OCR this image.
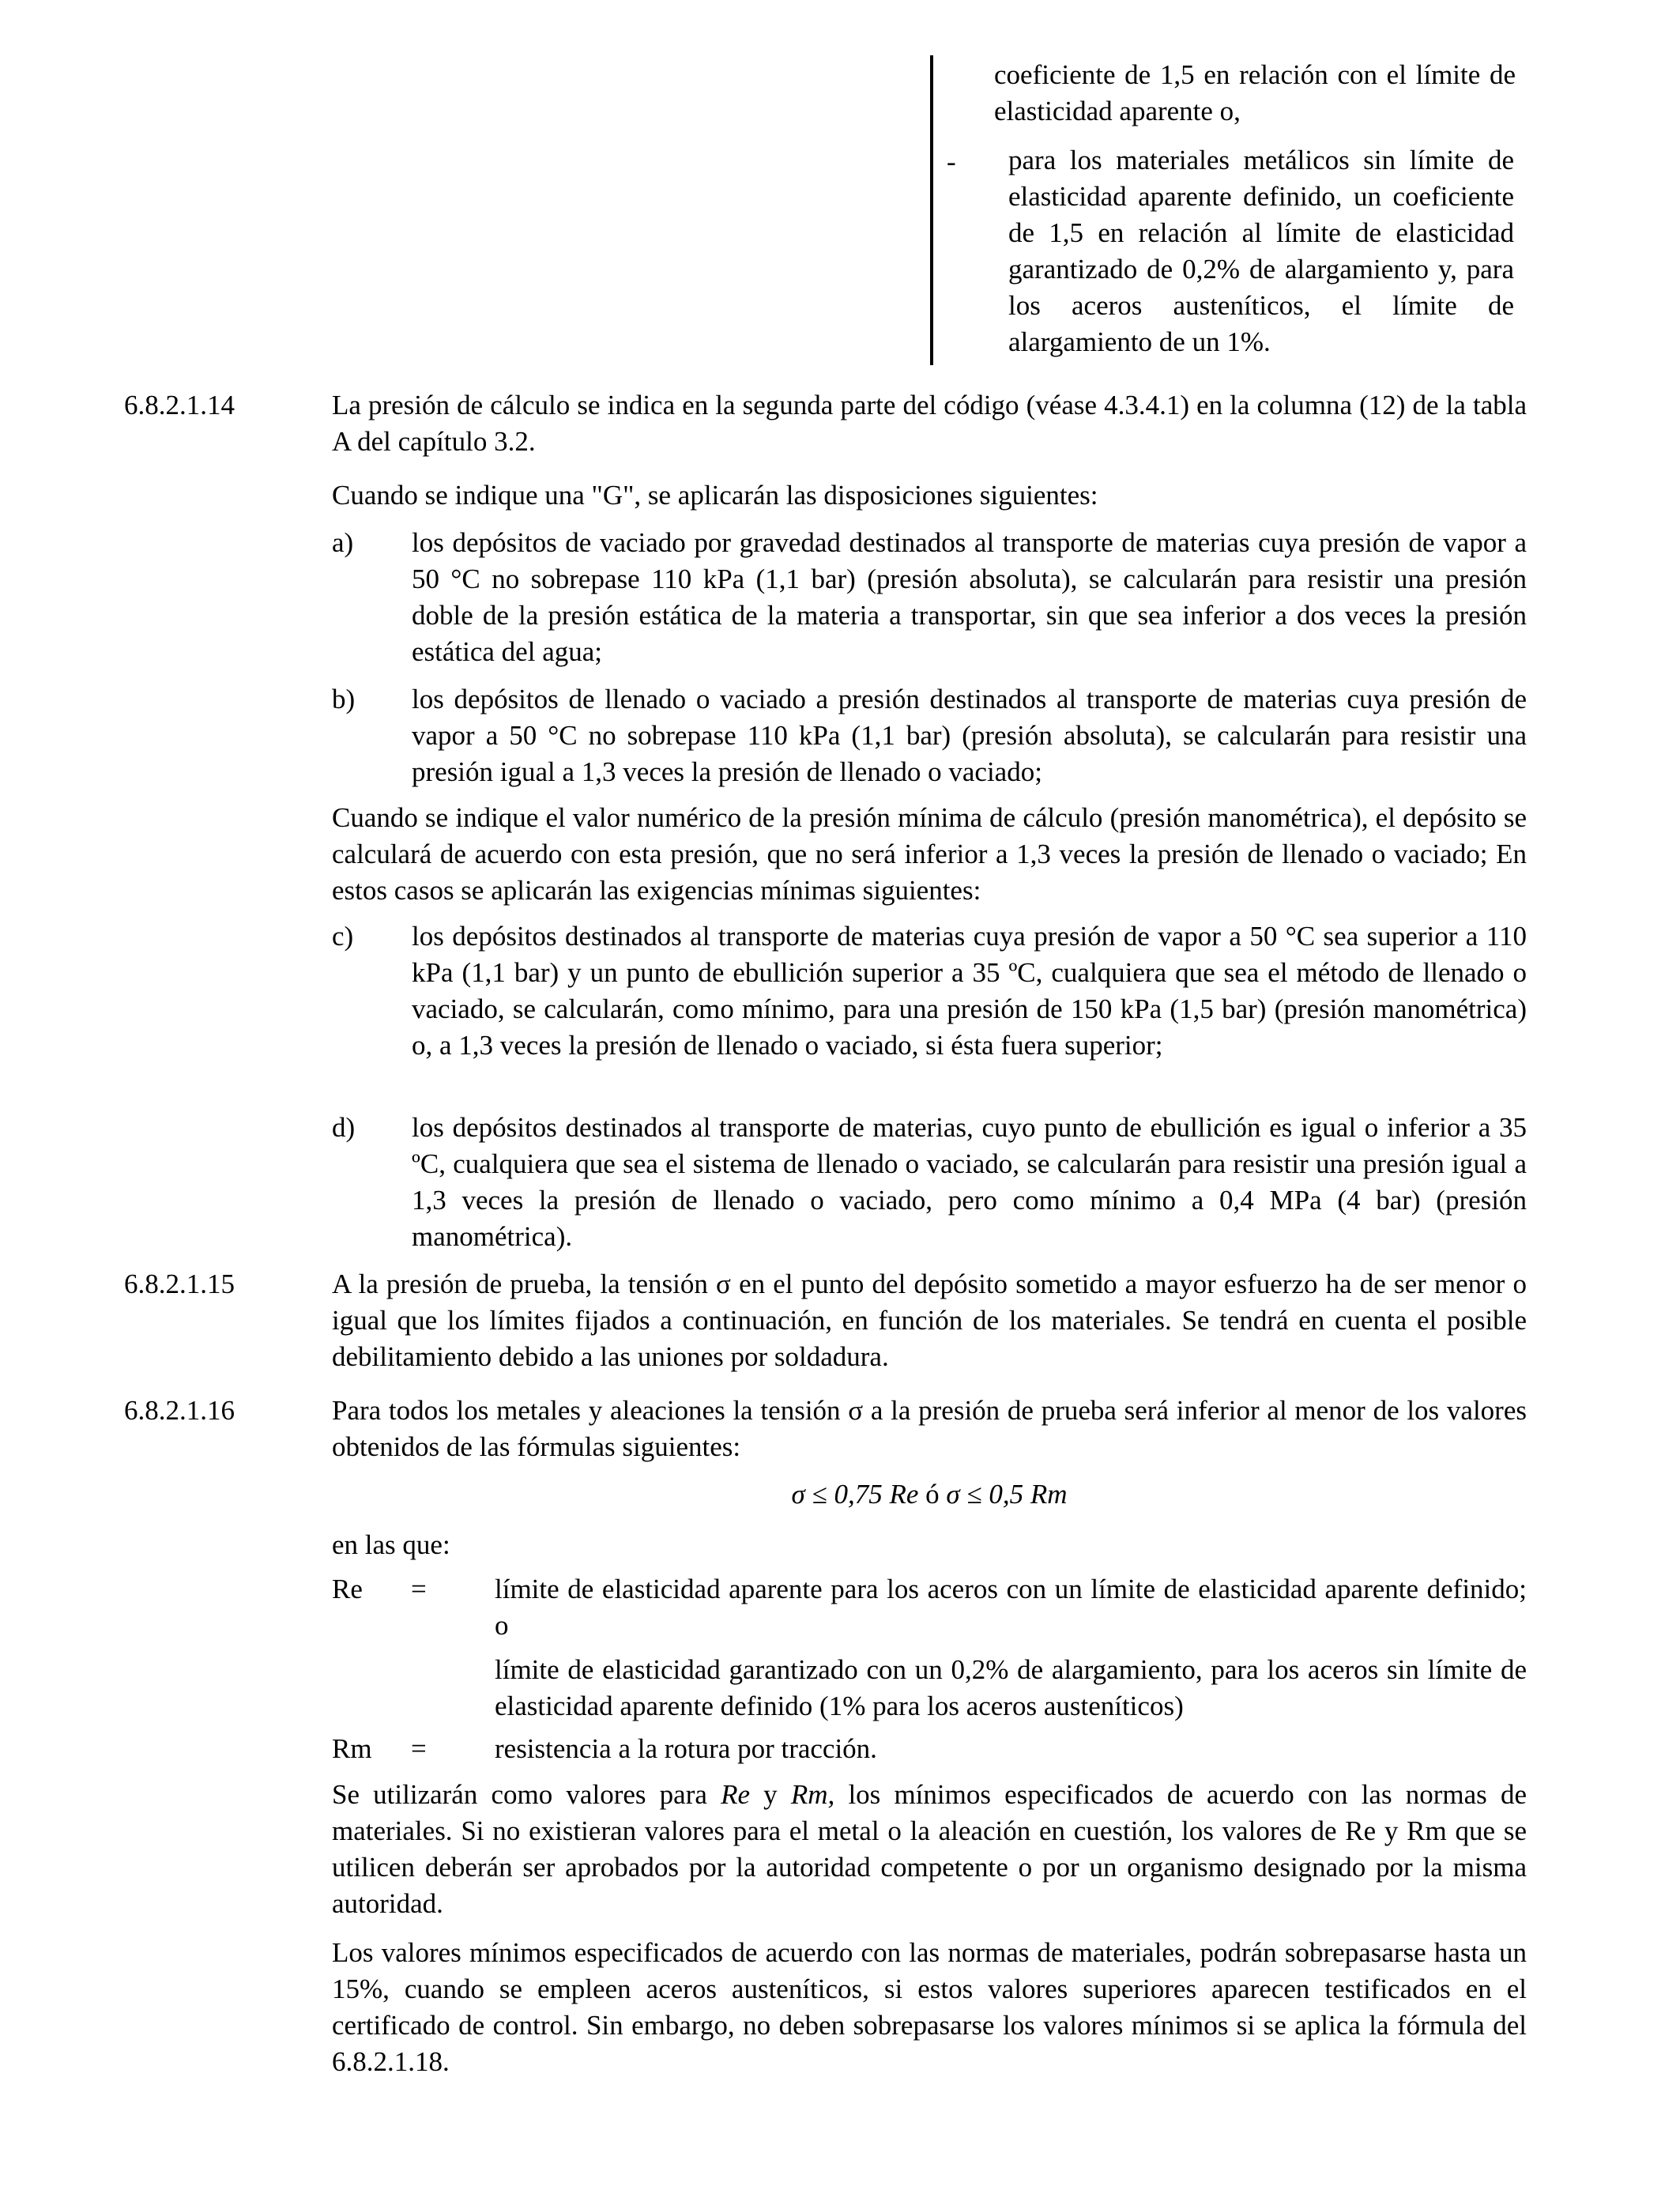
coeficiente de 1,5 en relación con el límite de elasticidad aparente o,

-	para los materiales metálicos sin límite de elasticidad aparente definido, un coeficiente de 1,5 en relación al límite de elasticidad garantizado de 0,2% de alargamiento y, para los aceros austeníticos, el límite de alargamiento de un 1%.

6.8.2.1.14	La presión de cálculo se indica en la segunda parte del código (véase 4.3.4.1) en la columna (12) de la tabla A del capítulo 3.2.

Cuando se indique una "G", se aplicarán las disposiciones siguientes:

a)	los depósitos de vaciado por gravedad destinados al transporte de materias cuya presión de vapor a 50 °C no sobrepase 110 kPa (1,1 bar) (presión absoluta), se calcularán para resistir una presión doble de la presión estática de la materia a transportar, sin que sea inferior a dos veces la presión estática del agua;

b)	los depósitos de llenado o vaciado a presión destinados al transporte de materias cuya presión de vapor a 50 °C no sobrepase 110 kPa (1,1 bar) (presión absoluta), se calcularán para resistir una presión igual a 1,3 veces la presión de llenado o vaciado;

Cuando se indique el valor numérico de la presión mínima de cálculo (presión manométrica), el depósito se calculará de acuerdo con esta presión, que no será inferior a 1,3 veces la presión de llenado o vaciado; En estos casos se aplicarán las exigencias mínimas siguientes:

c)	los depósitos destinados al transporte de materias cuya presión de vapor a 50 °C sea superior a 110 kPa (1,1 bar) y un punto de ebullición superior a 35 ºC, cualquiera que sea el método de llenado o vaciado, se calcularán, como mínimo, para una presión de 150 kPa (1,5 bar) (presión manométrica) o, a 1,3 veces la presión de llenado o vaciado, si ésta fuera superior;

d)	los depósitos destinados al transporte de materias, cuyo punto de ebullición es igual o inferior a 35 ºC, cualquiera que sea el sistema de llenado o vaciado, se calcularán para resistir una presión igual a 1,3 veces la presión de llenado o vaciado, pero como mínimo a 0,4 MPa (4 bar) (presión manométrica).

6.8.2.1.15	A la presión de prueba, la tensión σ en el punto del depósito sometido a mayor esfuerzo ha de ser menor o igual que los límites fijados a continuación, en función de los materiales. Se tendrá en cuenta el posible debilitamiento debido a las uniones por soldadura.

6.8.2.1.16	Para todos los metales y aleaciones la tensión σ a la presión de prueba será inferior al menor de los valores obtenidos de las fórmulas siguientes:

σ ≤ 0,75 Re ó σ ≤ 0,5 Rm

en las que:

Re	=	límite de elasticidad aparente para los aceros con un límite de elasticidad aparente definido; o

límite de elasticidad garantizado con un 0,2% de alargamiento, para los aceros sin límite de elasticidad aparente definido (1% para los aceros austeníticos)

Rm	=	resistencia a la rotura por tracción.

Se utilizarán como valores para Re y Rm, los mínimos especificados de acuerdo con las normas de materiales. Si no existieran valores para el metal o la aleación en cuestión, los valores de Re y Rm que se utilicen deberán ser aprobados por la autoridad competente o por un organismo designado por la misma autoridad.

Los valores mínimos especificados de acuerdo con las normas de materiales, podrán sobrepasarse hasta un 15%, cuando se empleen aceros austeníticos, si estos valores superiores aparecen testificados en el certificado de control. Sin embargo, no deben sobrepasarse los valores mínimos si se aplica la fórmula del 6.8.2.1.18.
